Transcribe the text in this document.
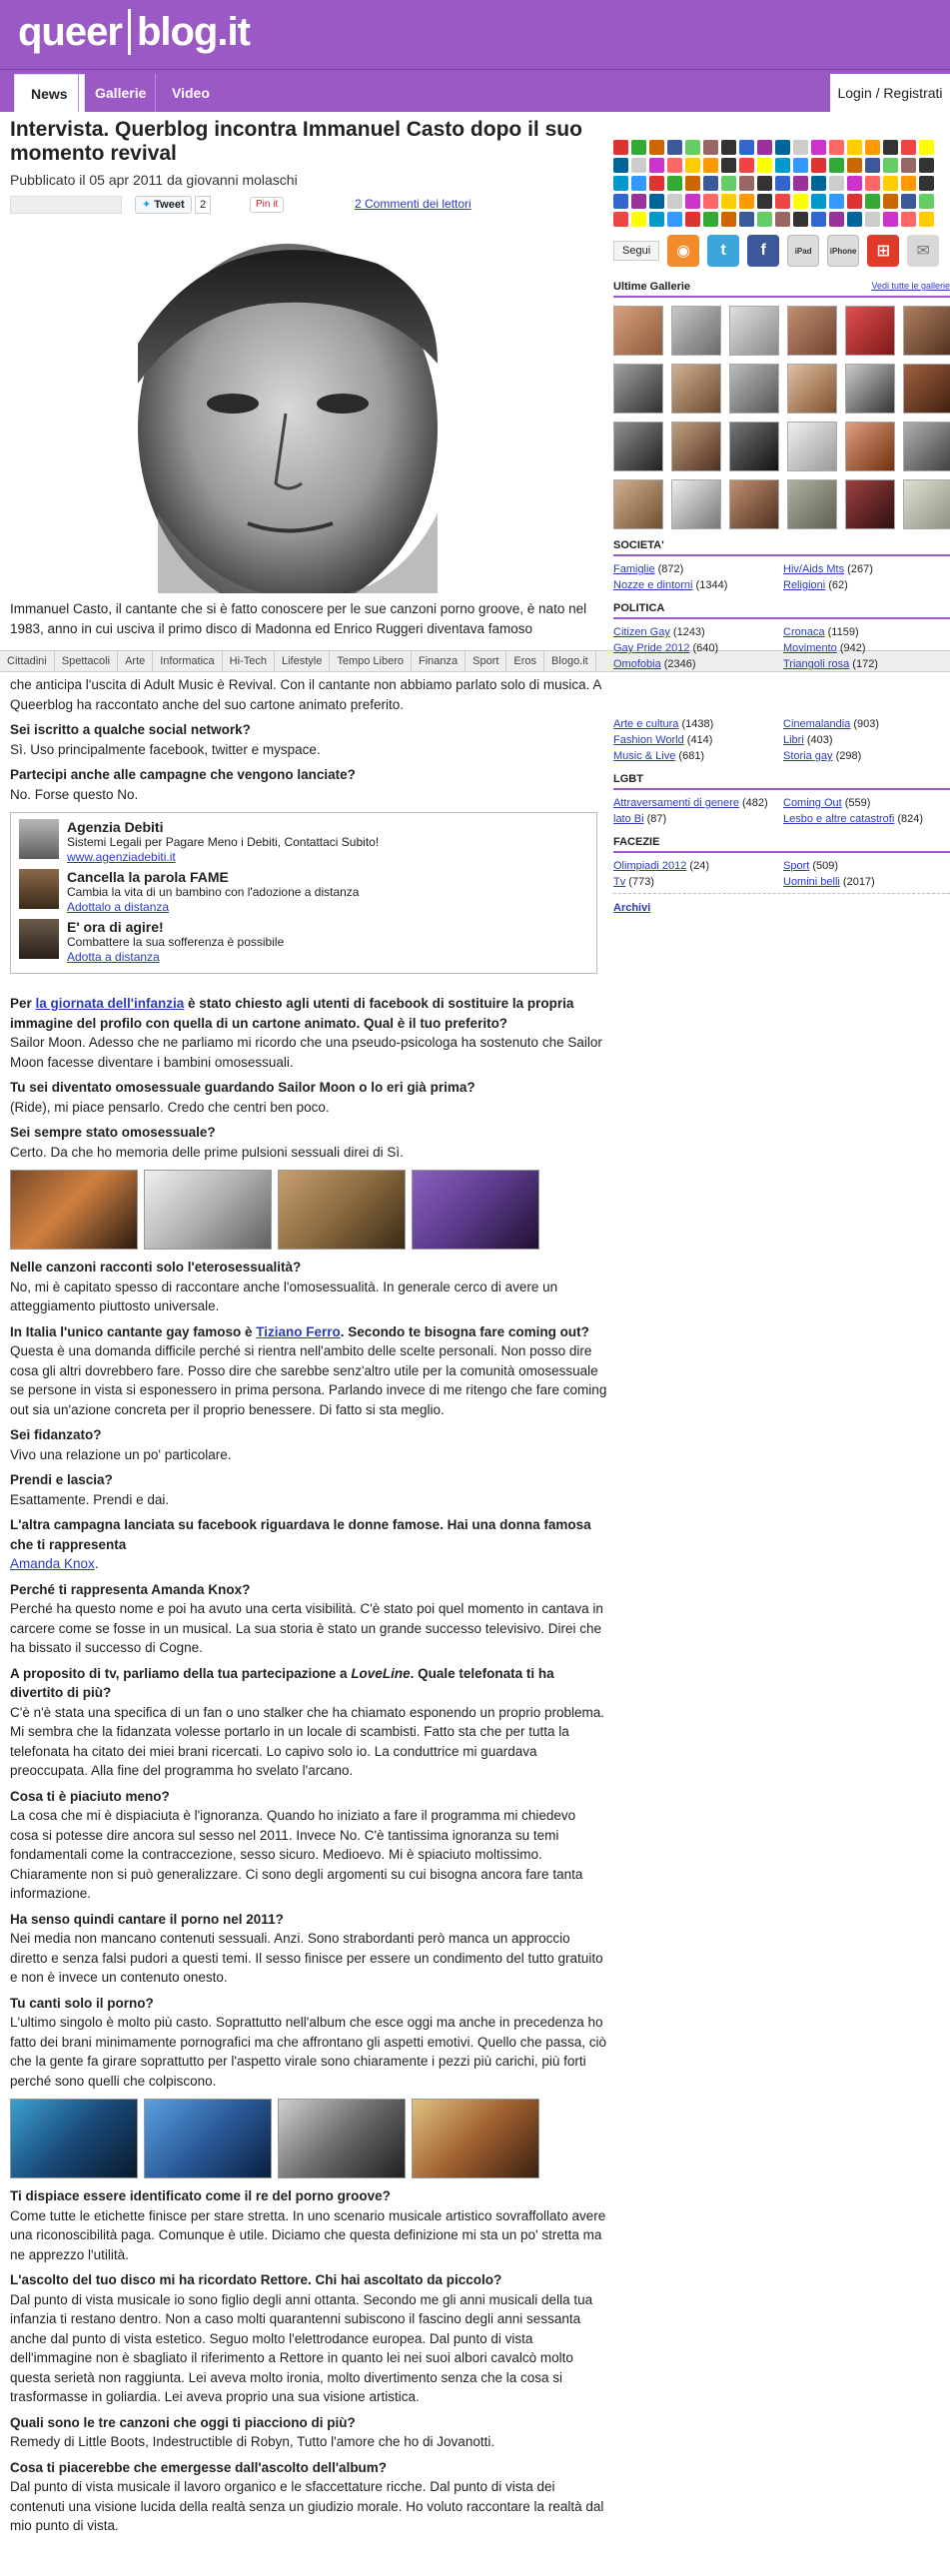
queer blog.it
News	Gallerie	Video	Login / Registrati
Intervista. Querblog incontra Immanuel Casto dopo il suo momento revival
Pubblicato il 05 apr 2011 da giovanni molaschi
✦ Tweet	2	Pin it	2 Commenti dei lettori

Immanuel Casto, il cantante che si è fatto conoscere per le sue canzoni porno groove, è nato nel 1983, anno in cui usciva il primo disco di Madonna ed Enrico Ruggeri diventava famoso

Cittadini	Spettacoli	Arte	Informatica	Hi-Tech	Lifestyle	Tempo Libero	Finanza	Sport	Eros	Blogo.it

che anticipa l'uscita di Adult Music è Revival. Con il cantante non abbiamo parlato solo di musica. A Queerblog ha raccontato anche del suo cartone animato preferito.

Sei iscritto a qualche social network?

Sì. Uso principalmente facebook, twitter e myspace.

Partecipi anche alle campagne che vengono lanciate?

No. Forse questo No.

Agenzia Debiti
Sistemi Legali per Pagare Meno i Debiti, Contattaci Subito!
www.agenziadebiti.it
Cancella la parola FAME
Cambia la vita di un bambino con l'adozione a distanza
Adottalo a distanza
E' ora di agire!
Combattere la sua sofferenza è possibile
Adotta a distanza

Per la giornata dell'infanzia è stato chiesto agli utenti di facebook di sostituire la propria immagine del profilo con quella di un cartone animato. Qual è il tuo preferito?

Sailor Moon. Adesso che ne parliamo mi ricordo che una pseudo-psicologa ha sostenuto che Sailor Moon facesse diventare i bambini omosessuali.

Tu sei diventato omosessuale guardando Sailor Moon o lo eri già prima?

(Ride), mi piace pensarlo. Credo che centri ben poco.

Sei sempre stato omosessuale?

Certo. Da che ho memoria delle prime pulsioni sessuali direi di Sì.

Nelle canzoni racconti solo l'eterosessualità?

No, mi è capitato spesso di raccontare anche l'omosessualità. In generale cerco di avere un atteggiamento piuttosto universale.

In Italia l'unico cantante gay famoso è Tiziano Ferro. Secondo te bisogna fare coming out?

Questa è una domanda difficile perché si rientra nell'ambito delle scelte personali. Non posso dire cosa gli altri dovrebbero fare. Posso dire che sarebbe senz'altro utile per la comunità omosessuale se persone in vista si esponessero in prima persona. Parlando invece di me ritengo che fare coming out sia un'azione concreta per il proprio benessere. Di fatto si sta meglio.

Sei fidanzato?

Vivo una relazione un po' particolare.

Prendi e lascia?

Esattamente. Prendi e dai.

L'altra campagna lanciata su facebook riguardava le donne famose. Hai una donna famosa che ti rappresenta

Amanda Knox.

Perché ti rappresenta Amanda Knox?

Perché ha questo nome e poi ha avuto una certa visibilità. C'è stato poi quel momento in cantava in carcere come se fosse in un musical. La sua storia è stato un grande successo televisivo. Direi che ha bissato il successo di Cogne.

A proposito di tv, parliamo della tua partecipazione a LoveLine. Quale telefonata ti ha divertito di più?

C'è n'è stata una specifica di un fan o uno stalker che ha chiamato esponendo un proprio problema. Mi sembra che la fidanzata volesse portarlo in un locale di scambisti. Fatto sta che per tutta la telefonata ha citato dei miei brani ricercati. Lo capivo solo io. La conduttrice mi guardava preoccupata. Alla fine del programma ho svelato l'arcano.

Cosa ti è piaciuto meno?

La cosa che mi è dispiaciuta è l'ignoranza. Quando ho iniziato a fare il programma mi chiedevo cosa si potesse dire ancora sul sesso nel 2011. Invece No. C'è tantissima ignoranza su temi fondamentali come la contraccezione, sesso sicuro. Medioevo. Mi è spiaciuto moltissimo. Chiaramente non si può generalizzare. Ci sono degli argomenti su cui bisogna ancora fare tanta informazione.

Ha senso quindi cantare il porno nel 2011?

Nei media non mancano contenuti sessuali. Anzi. Sono strabordanti però manca un approccio diretto e senza falsi pudori a questi temi. Il sesso finisce per essere un condimento del tutto gratuito e non è invece un contenuto onesto.

Tu canti solo il porno?

L'ultimo singolo è molto più casto. Soprattutto nell'album che esce oggi ma anche in precedenza ho fatto dei brani minimamente pornografici ma che affrontano gli aspetti emotivi. Quello che passa, ciò che la gente fa girare soprattutto per l'aspetto virale sono chiaramente i pezzi più carichi, più forti perché sono quelli che colpiscono.

Ti dispiace essere identificato come il re del porno groove?

Come tutte le etichette finisce per stare stretta. In uno scenario musicale artistico sovraffollato avere una riconoscibilità paga. Comunque è utile. Diciamo che questa definizione mi sta un po' stretta ma ne apprezzo l'utilità.

L'ascolto del tuo disco mi ha ricordato Rettore. Chi hai ascoltato da piccolo?

Dal punto di vista musicale io sono figlio degli anni ottanta. Secondo me gli anni musicali della tua infanzia ti restano dentro. Non a caso molti quarantenni subiscono il fascino degli anni sessanta anche dal punto di vista estetico. Seguo molto l'elettrodance europea. Dal punto di vista dell'immagine non è sbagliato il riferimento a Rettore in quanto lei nei suoi albori cavalcò molto questa serietà non raggiunta. Lei aveva molto ironia, molto divertimento senza che la cosa si trasformasse in goliardia. Lei aveva proprio una sua visione artistica.

Quali sono le tre canzoni che oggi ti piacciono di più?

Remedy di Little Boots, Indestructible di Robyn, Tutto l'amore che ho di Jovanotti.

Cosa ti piacerebbe che emergesse dall'ascolto dell'album?

Dal punto di vista musicale il lavoro organico e le sfaccettature ricche. Dal punto di vista dei contenuti una visione lucida della realtà senza un giudizio morale. Ho voluto raccontare la realtà dal mio punto di vista.

Segui	◉	t	f	iPad	iPhone	⊞	✉
Ultime Gallerie	Vedi tutte le gallerie
SOCIETA'
Famiglie (872)	Hiv/Aids Mts (267)
Nozze e dintorni (1344)	Religioni (62)
POLITICA
Citizen Gay (1243)	Cronaca (1159)
Gay Pride 2012 (640)	Movimento (942)
Omofobia (2346)	Triangoli rosa (172)
Arte e cultura (1438)	Cinemalandia (903)
Fashion World (414)	Libri (403)
Music & Live (681)	Storia gay (298)
LGBT
Attraversamenti di genere (482)	Coming Out (559)
lato Bi (87)	Lesbo e altre catastrofi (824)
FACEZIE
Olimpiadi 2012 (24)	Sport (509)
Tv (773)	Uomini belli (2017)
Archivi
